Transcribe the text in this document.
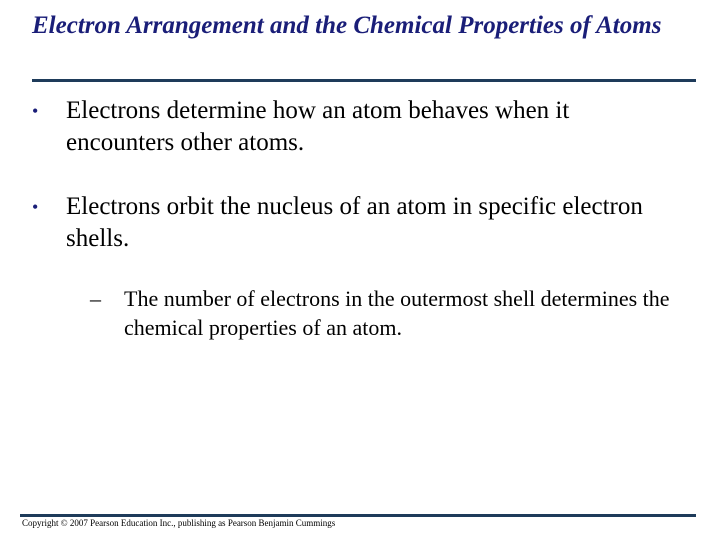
Electron Arrangement and the Chemical Properties of Atoms
•	Electrons determine how an atom behaves when it encounters other atoms.
•	Electrons orbit the nucleus of an atom in specific electron shells.
–	The number of electrons in the outermost shell determines the chemical properties of an atom.
Copyright © 2007 Pearson Education Inc., publishing as Pearson Benjamin Cummings
